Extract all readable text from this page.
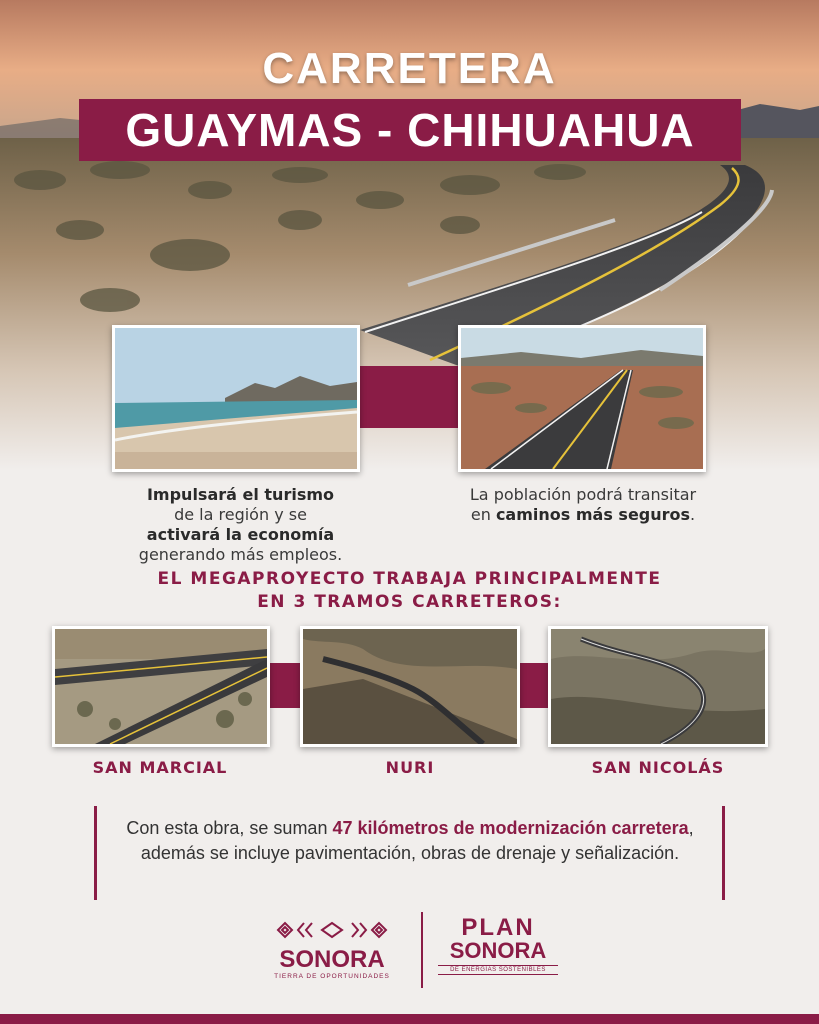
CARRETERA
GUAYMAS - CHIHUAHUA
Impulsará el turismo
de la región y se
activará la economía
generando más empleos.
La población podrá transitar en caminos más seguros.
EL MEGAPROYECTO TRABAJA PRINCIPALMENTE
EN 3 TRAMOS CARRETEROS:
SAN MARCIAL	NURI	SAN NICOLÁS
Con esta obra, se suman 47 kilómetros de modernización carretera, además se incluye pavimentación, obras de drenaje y señalización.
SONORA
TIERRA DE OPORTUNIDADES
PLAN
SONORA
DE ENERGÍAS SOSTENIBLES
